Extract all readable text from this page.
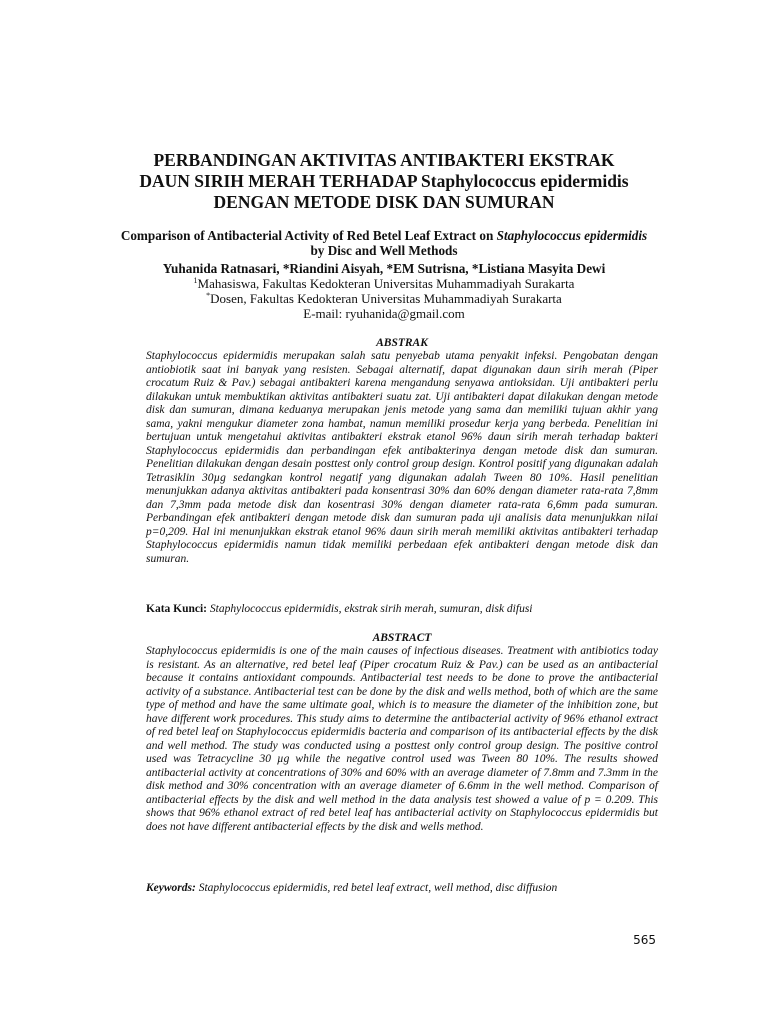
PERBANDINGAN AKTIVITAS ANTIBAKTERI EKSTRAK
DAUN SIRIH MERAH TERHADAP Staphylococcus epidermidis
DENGAN METODE DISK DAN SUMURAN
Comparison of Antibacterial Activity of Red Betel Leaf Extract on Staphylococcus epidermidis by Disc and Well Methods
Yuhanida Ratnasari, *Riandini Aisyah, *EM Sutrisna, *Listiana Masyita Dewi
$^1$Mahasiswa, Fakultas Kedokteran Universitas Muhammadiyah Surakarta
*Dosen, Fakultas Kedokteran Universitas Muhammadiyah Surakarta
E-mail: ryuhanida@gmail.com
ABSTRAK

Staphylococcus epidermidis merupakan salah satu penyebab utama penyakit infeksi. Pengobatan dengan antiobiotik saat ini banyak yang resisten. Sebagai alternatif, dapat digunakan daun sirih merah (Piper crocatum Ruiz & Pav.) sebagai antibakteri karena mengandung senyawa antioksidan. Uji antibakteri perlu dilakukan untuk membuktikan aktivitas antibakteri suatu zat. Uji antibakteri dapat dilakukan dengan metode disk dan sumuran, dimana keduanya merupakan jenis metode yang sama dan memiliki tujuan akhir yang sama, yakni mengukur diameter zona hambat, namun memiliki prosedur kerja yang berbeda. Penelitian ini bertujuan untuk mengetahui aktivitas antibakteri ekstrak etanol 96% daun sirih merah terhadap bakteri Staphylococcus epidermidis dan perbandingan efek antibakterinya dengan metode disk dan sumuran. Penelitian dilakukan dengan desain posttest only control group design. Kontrol positif yang digunakan adalah Tetrasiklin 30µg sedangkan kontrol negatif yang digunakan adalah Tween 80 10%. Hasil penelitian menunjukkan adanya aktivitas antibakteri pada konsentrasi 30% dan 60% dengan diameter rata-rata 7,8mm dan 7,3mm pada metode disk dan kosentrasi 30% dengan diameter rata-rata 6,6mm pada sumuran. Perbandingan efek antibakteri dengan metode disk dan sumuran pada uji analisis data menunjukkan nilai p=0,209. Hal ini menunjukkan ekstrak etanol 96% daun sirih merah memiliki aktivitas antibakteri terhadap Staphylococcus epidermidis namun tidak memiliki perbedaan efek antibakteri dengan metode disk dan sumuran.

Kata Kunci: Staphylococcus epidermidis, ekstrak sirih merah, sumuran, disk difusi
ABSTRACT

Staphylococcus epidermidis is one of the main causes of infectious diseases. Treatment with antibiotics today is resistant. As an alternative, red betel leaf (Piper crocatum Ruiz & Pav.) can be used as an antibacterial because it contains antioxidant compounds. Antibacterial test needs to be done to prove the antibacterial activity of a substance. Antibacterial test can be done by the disk and wells method, both of which are the same type of method and have the same ultimate goal, which is to measure the diameter of the inhibition zone, but have different work procedures. This study aims to determine the antibacterial activity of 96% ethanol extract of red betel leaf on Staphylococcus epidermidis bacteria and comparison of its antibacterial effects by the disk and well method. The study was conducted using a posttest only control group design. The positive control used was Tetracycline 30 µg while the negative control used was Tween 80 10%. The results showed antibacterial activity at concentrations of 30% and 60% with an average diameter of 7.8mm and 7.3mm in the disk method and 30% concentration with an average diameter of 6.6mm in the well method. Comparison of antibacterial effects by the disk and well method in the data analysis test showed a value of p = 0.209. This shows that 96% ethanol extract of red betel leaf has antibacterial activity on Staphylococcus epidermidis but does not have different antibacterial effects by the disk and wells method.

Keywords: Staphylococcus epidermidis, red betel leaf extract, well method, disc diffusion
565
